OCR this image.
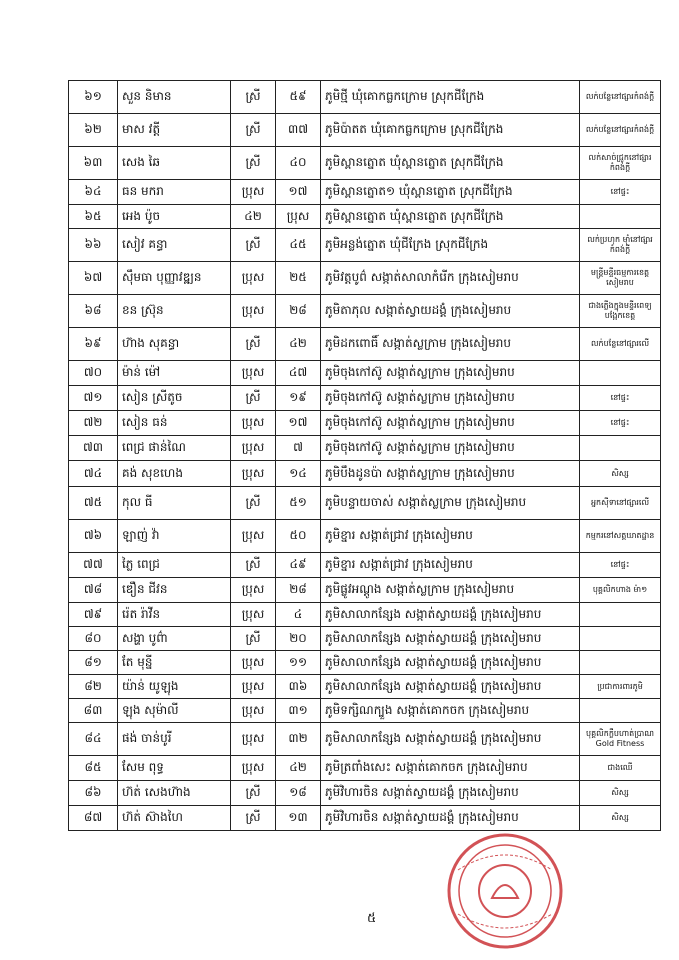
៦១	សួន និមាន	ស្រី	៥៩	ភូមិថ្មី ឃុំគោកធ្លកក្រោម ស្រុកជីក្រែង	លក់បន្លែនៅផ្សារកំពង់ក្តី
៦២	មាស វត្តី	ស្រី	៣៧	ភូមិប៉ាតត ឃុំគោកធ្លកក្រោម ស្រុកជីក្រែង	លក់បន្លែនៅផ្សារកំពង់ក្តី
៦៣	សេង ឆៃ	ស្រី	៤០	ភូមិស្ពានត្នោត ឃុំស្ពានត្នោត ស្រុកជីក្រែង	លក់សាច់ជ្រូកនៅផ្សារកំពង់ក្តី
៦៤	ធន មករា	ប្រុស	១៧	ភូមិស្ពានត្នោត១ ឃុំស្ពានត្នោត ស្រុកជីក្រែង	នៅផ្ទះ
៦៥	អេង ប៉ូច	៤២	ប្រុស	ភូមិស្ពានត្នោត ឃុំស្ពានត្នោត ស្រុកជីក្រែង	
៦៦	សៀវ គន្ធា	ស្រី	៤៥	ភូមិអន្លង់ត្នោត ឃុំជីក្រែង ស្រុកជីក្រែង	លក់ប្រហុក ម៉ាំនៅផ្សារកំពង់ក្តី
៦៧	ស៊ឹមធា បុញ្ញាវឌ្ឍន	ប្រុស	២៥	ភូមិវត្តបូព៌ សង្កាត់សាលាកំរើក ក្រុងសៀមរាប	មន្ត្រីមន្ទីរធម្មការខេត្តសៀមរាប
៦៨	ខន ស្រ៊ុន	ប្រុស	២៨	ភូមិតាភុល សង្កាត់ស្វាយដង្គំ ក្រុងសៀមរាប	ជាងភ្លើងក្នុងមន្ទីរពេទ្យបង្អែកខេត្ត
៦៩	ហ៊ាង សុគន្ធា	ស្រី	៤២	ភូមិដកពោធិ៍ សង្កាត់ស្លក្រាម ក្រុងសៀមរាប	លក់បន្លែនៅផ្សារលើ
៧០	ម៉ាន់ ម៉ៅ	ប្រុស	៤៧	ភូមិចុងកៅស៊ូ សង្កាត់ស្លក្រាម ក្រុងសៀមរាប	
៧១	សៀន ស្រីតូច	ស្រី	១៩	ភូមិចុងកៅស៊ូ សង្កាត់ស្លក្រាម ក្រុងសៀមរាប	នៅផ្ទះ
៧២	សៀន ធន់	ប្រុស	១៧	ភូមិចុងកៅស៊ូ សង្កាត់ស្លក្រាម ក្រុងសៀមរាប	នៅផ្ទះ
៧៣	ពេជ្រ ផាន់ណៃ	ប្រុស	៧	ភូមិចុងកៅស៊ូ សង្កាត់ស្លក្រាម ក្រុងសៀមរាប	
៧៤	គង់ សុខហេង	ប្រុស	១៤	ភូមិបឹងដូនប៉ា សង្កាត់ស្លក្រាម ក្រុងសៀមរាប	សិស្ស
៧៥	កុល ធី	ស្រី	៥១	ភូមិបន្ទាយចាស់ សង្កាត់ស្លក្រាម ក្រុងសៀមរាប	អ្នកស៊ីទានៅផ្សារលើ
៧៦	ឡាញ់ វ៉ា	ប្រុស	៥០	ភូមិខ្នារ សង្កាត់ជ្រាវ ក្រុងសៀមរាប	កម្មករនៅសត្តឃាតដ្ឋាន
៧៧	ភ្លៃ ពេជ្រ	ស្រី	៤៩	ភូមិខ្នារ សង្កាត់ជ្រាវ ក្រុងសៀមរាប	នៅផ្ទះ
៧៨	ឌឿន ជីវន	ប្រុស	២៨	ភូមិផ្លូវអណ្ដូង សង្កាត់ស្លក្រាម ក្រុងសៀមរាប	បុគ្គលិកហាង ម៉ា១
៧៩	រ៉េត រ៉ាវីន	ប្រុស	៤	ភូមិសាលាកន្សែង សង្កាត់ស្វាយដង្គំ ក្រុងសៀមរាប	
៨០	សង្ហា បូព៌ា	ស្រី	២០	ភូមិសាលាកន្សែង សង្កាត់ស្វាយដង្គំ ក្រុងសៀមរាប	
៨១	តែ មុន្នី	ប្រុស	១១	ភូមិសាលាកន្សែង សង្កាត់ស្វាយដង្គំ ក្រុងសៀមរាប	
៨២	យ៉ាន់ យូឡុង	ប្រុស	៣៦	ភូមិសាលាកន្សែង សង្កាត់ស្វាយដង្គំ ក្រុងសៀមរាប	ប្រជាការពារភូមិ
៨៣	ឡុង សុម៉ាលី	ប្រុស	៣១	ភូមិទក្សិណក្បួង សង្កាត់គោកចក ក្រុងសៀមរាប	
៨៤	ផង់ ចាន់បូរី	ប្រុស	៣២	ភូមិសាលាកន្សែង សង្កាត់ស្វាយដង្គំ ក្រុងសៀមរាប	បុគ្គលិកក្លឹបហាត់ប្រាណ Gold Fitness
៨៥	សែម ពុទ្ធ	ប្រុស	៤២	ភូមិត្រពាំងសេះ សង្កាត់គោកចក ក្រុងសៀមរាប	ជាងឈើ
៨៦	ហ៊ត់ សេងហ៊ាង	ស្រី	១៨	ភូមិវិហារចិន សង្កាត់ស្វាយដង្គំ ក្រុងសៀមរាប	សិស្ស
៨៧	ហ៊ត់ ស៊ាងហៃ	ស្រី	១៣	ភូមិវិហារចិន សង្កាត់ស្វាយដង្គំ ក្រុងសៀមរាប	សិស្ស
៥
